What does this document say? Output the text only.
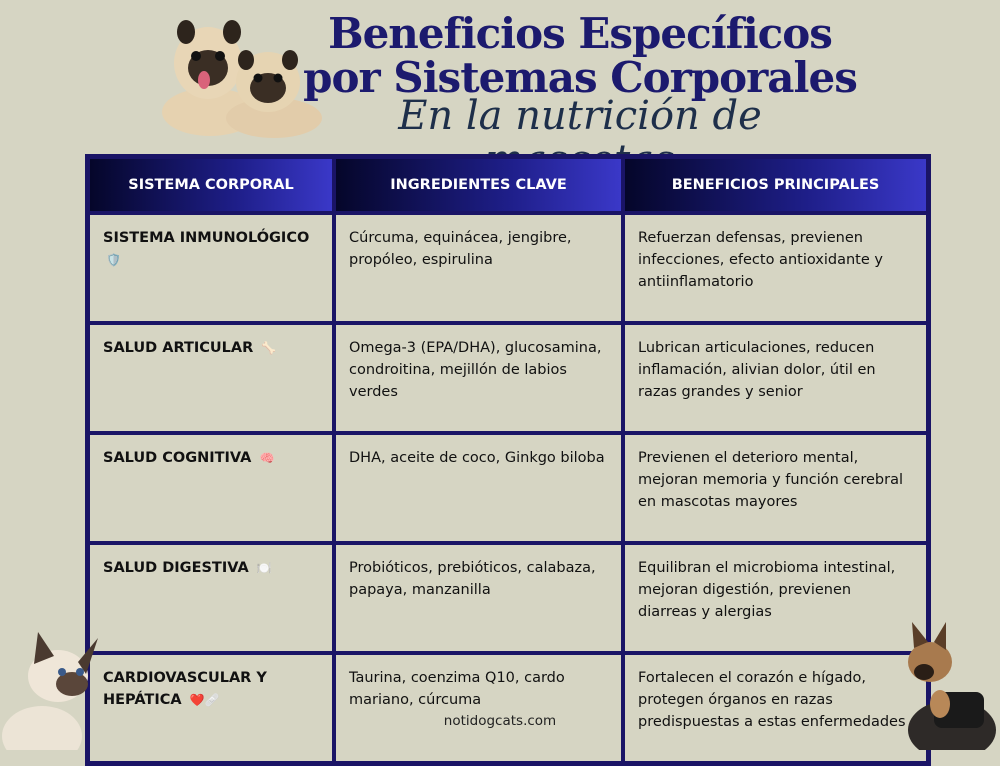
Beneficios Específicos por Sistemas Corporales
En la nutrición de
SISTEMA CORPORAL	INGREDIENTES CLAVE	BENEFICIOS PRINCIPALES
SISTEMA INMUNOLÓGICO 🛡️	Cúrcuma, equinácea, jengibre, propóleo, espirulina	Refuerzan defensas, previenen infecciones, efecto antioxidante y antiinflamatorio
SALUD ARTICULAR 🦴	Omega-3 (EPA/DHA), glucosamina, condroitina, mejillón de labios verdes	Lubrican articulaciones, reducen inflamación, alivian dolor, útil en razas grandes y senior
SALUD COGNITIVA 🧠	DHA, aceite de coco, Ginkgo biloba	Previenen el deterioro mental, mejoran memoria y función cerebral en mascotas mayores
SALUD DIGESTIVA 🍽️	Probióticos, prebióticos, calabaza, papaya, manzanilla	Equilibran el microbioma intestinal, mejoran digestión, previenen diarreas y alergias
CARDIOVASCULAR Y HEPÁTICA ❤️🩹	Taurina, coenzima Q10, cardo mariano, cúrcuma	Fortalecen el corazón e hígado, protegen órganos en razas predispuestas a estas enfermedades
notidogcats.com
